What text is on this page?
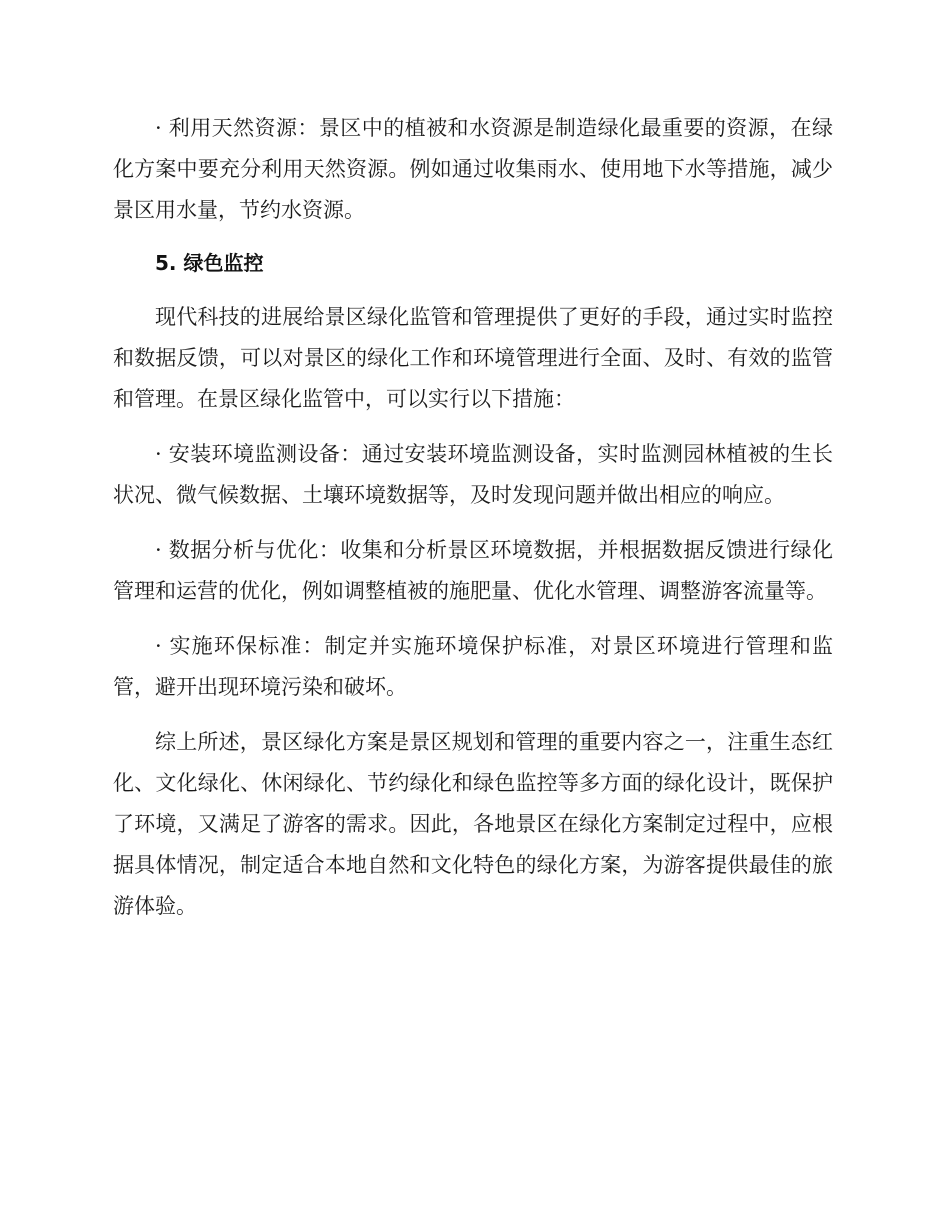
· 利用天然资源：景区中的植被和水资源是制造绿化最重要的资源，在绿化方案中要充分利用天然资源。例如通过收集雨水、使用地下水等措施，减少景区用水量，节约水资源。

5. 绿色监控

现代科技的进展给景区绿化监管和管理提供了更好的手段，通过实时监控和数据反馈，可以对景区的绿化工作和环境管理进行全面、及时、有效的监管和管理。在景区绿化监管中，可以实行以下措施：

· 安装环境监测设备：通过安装环境监测设备，实时监测园林植被的生长状况、微气候数据、土壤环境数据等，及时发现问题并做出相应的响应。

· 数据分析与优化：收集和分析景区环境数据，并根据数据反馈进行绿化管理和运营的优化，例如调整植被的施肥量、优化水管理、调整游客流量等。

· 实施环保标准：制定并实施环境保护标准，对景区环境进行管理和监管，避开出现环境污染和破坏。

综上所述，景区绿化方案是景区规划和管理的重要内容之一，注重生态红化、文化绿化、休闲绿化、节约绿化和绿色监控等多方面的绿化设计，既保护了环境，又满足了游客的需求。因此，各地景区在绿化方案制定过程中，应根据具体情况，制定适合本地自然和文化特色的绿化方案，为游客提供最佳的旅游体验。
